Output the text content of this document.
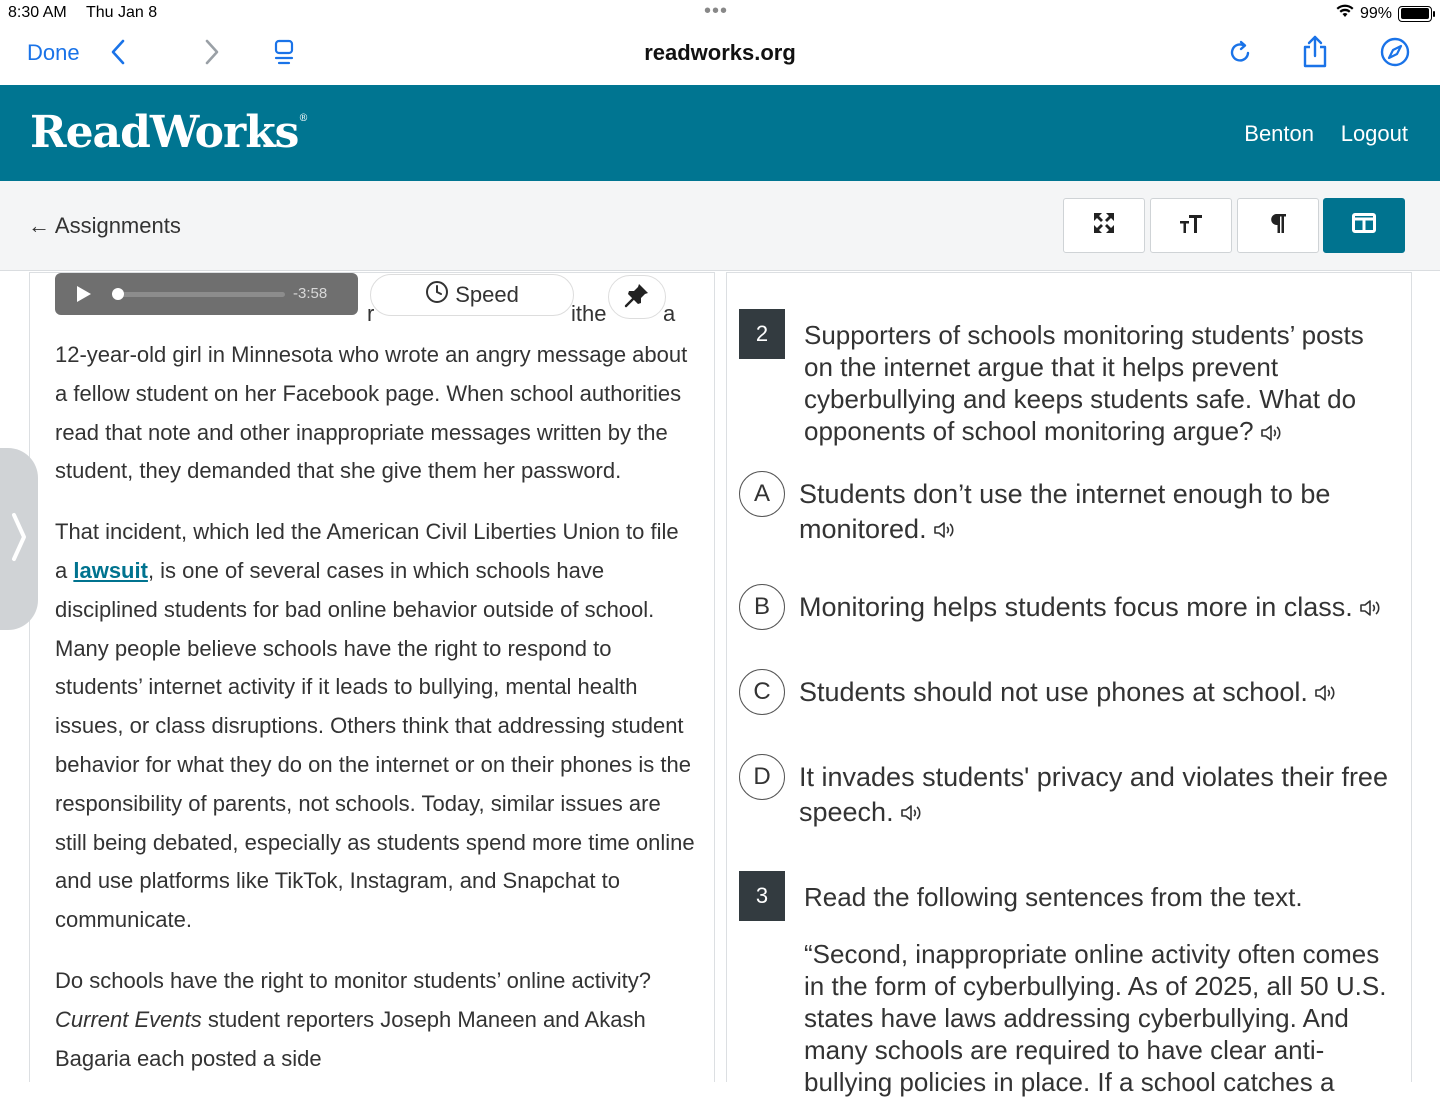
8:30 AM Thu Jan 8	•••	99%
Done	readworks.org
ReadWorks®
Benton Logout
← Assignments
r	ithe	a

12-year-old girl in Minnesota who wrote an angry message about a fellow student on her Facebook page. When school authorities read that note and other inappropriate messages written by the student, they demanded that she give them her password.

That incident, which led the American Civil Liberties Union to file a lawsuit, is one of several cases in which schools have disciplined students for bad online behavior outside of school. Many people believe schools have the right to respond to students’ internet activity if it leads to bullying, mental health issues, or class disruptions. Others think that addressing student behavior for what they do on the internet or on their phones is the responsibility of parents, not schools. Today, similar issues are still being debated, especially as students spend more time online and use platforms like TikTok, Instagram, and Snapchat to communicate.

Do schools have the right to monitor students’ online activity? Current Events student reporters Joseph Maneen and Akash Bagaria each posted a side

-3:58	Speed
2	Supporters of schools monitoring students’ posts on the internet argue that it helps prevent cyberbullying and keeps students safe. What do opponents of school monitoring argue?
A	Students don’t use the internet enough to be monitored.
B	Monitoring helps students focus more in class.
C	Students should not use phones at school.
D	It invades students' privacy and violates their free speech.
3	Read the following sentences from the text.
“Second, inappropriate online activity often comes in the form of cyberbullying. As of 2025, all 50 U.S. states have laws addressing cyberbullying. And many schools are required to have clear anti-bullying policies in place. If a school catches a
